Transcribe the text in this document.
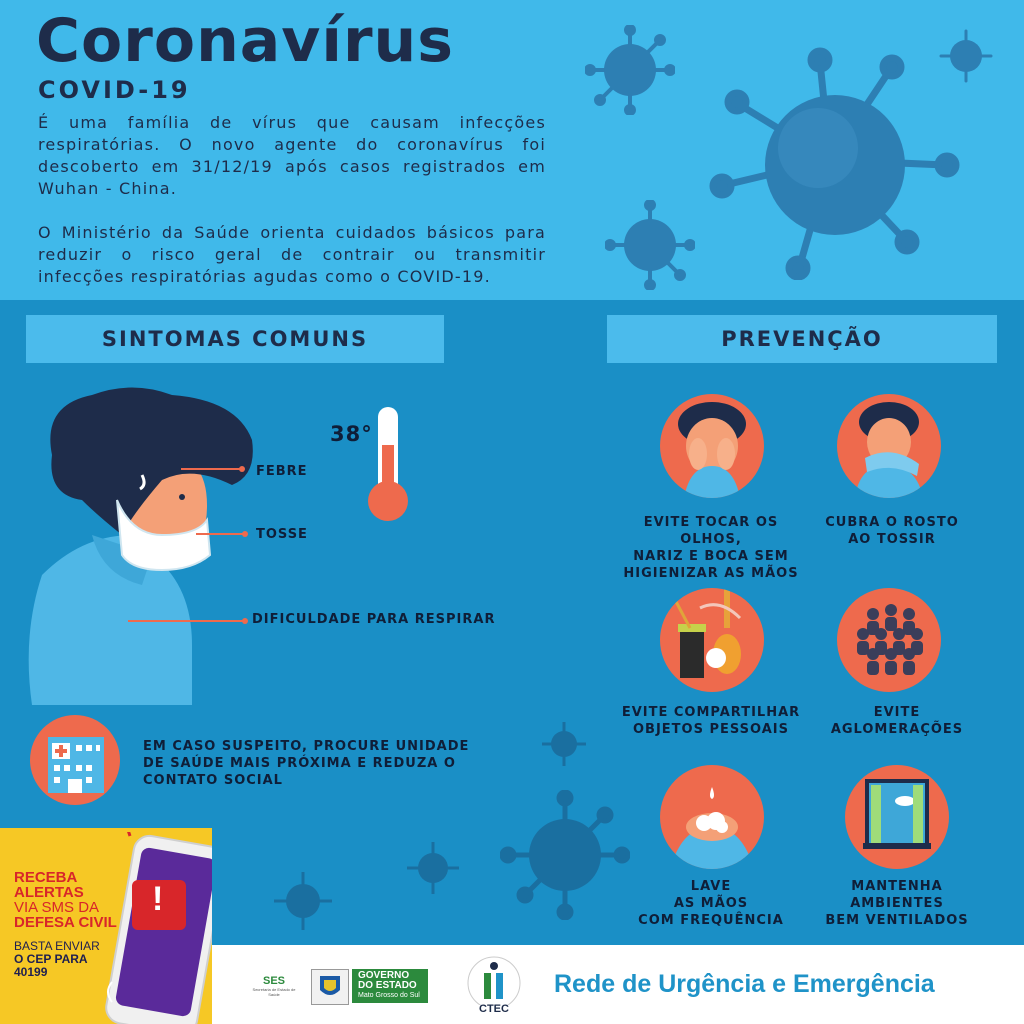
Coronavírus
COVID-19

É uma família de vírus que causam infecções respiratórias. O novo agente do coronavírus foi descoberto em 31/12/19 após casos registrados em Wuhan - China.

O Ministério da Saúde orienta cuidados básicos para reduzir o risco geral de contrair ou transmitir infecções respiratórias agudas como o COVID-19.

SINTOMAS COMUNS	PREVENÇÃO
FEBRE
TOSSE
DIFICULDADE PARA RESPIRAR
38°
EM CASO SUSPEITO, PROCURE UNIDADE DE SAÚDE MAIS PRÓXIMA E REDUZA O CONTATO SOCIAL
EVITE TOCAR OS OLHOS,
NARIZ E BOCA SEM
HIGIENIZAR AS MÃOS
CUBRA O ROSTO
AO TOSSIR
EVITE COMPARTILHAR
OBJETOS PESSOAIS
EVITE
AGLOMERAÇÕES
LAVE
AS MÃOS
COM FREQUÊNCIA
MANTENHA
AMBIENTES
BEM VENTILADOS
SES
Secretaria de Estado de Saúde
GOVERNO
DO ESTADO
Mato Grosso do Sul
CTEC
Rede de Urgência e Emergência
!
RECEBA
ALERTAS
VIA SMS DA
DEFESA CIVIL
BASTA ENVIAR
O CEP PARA
40199
